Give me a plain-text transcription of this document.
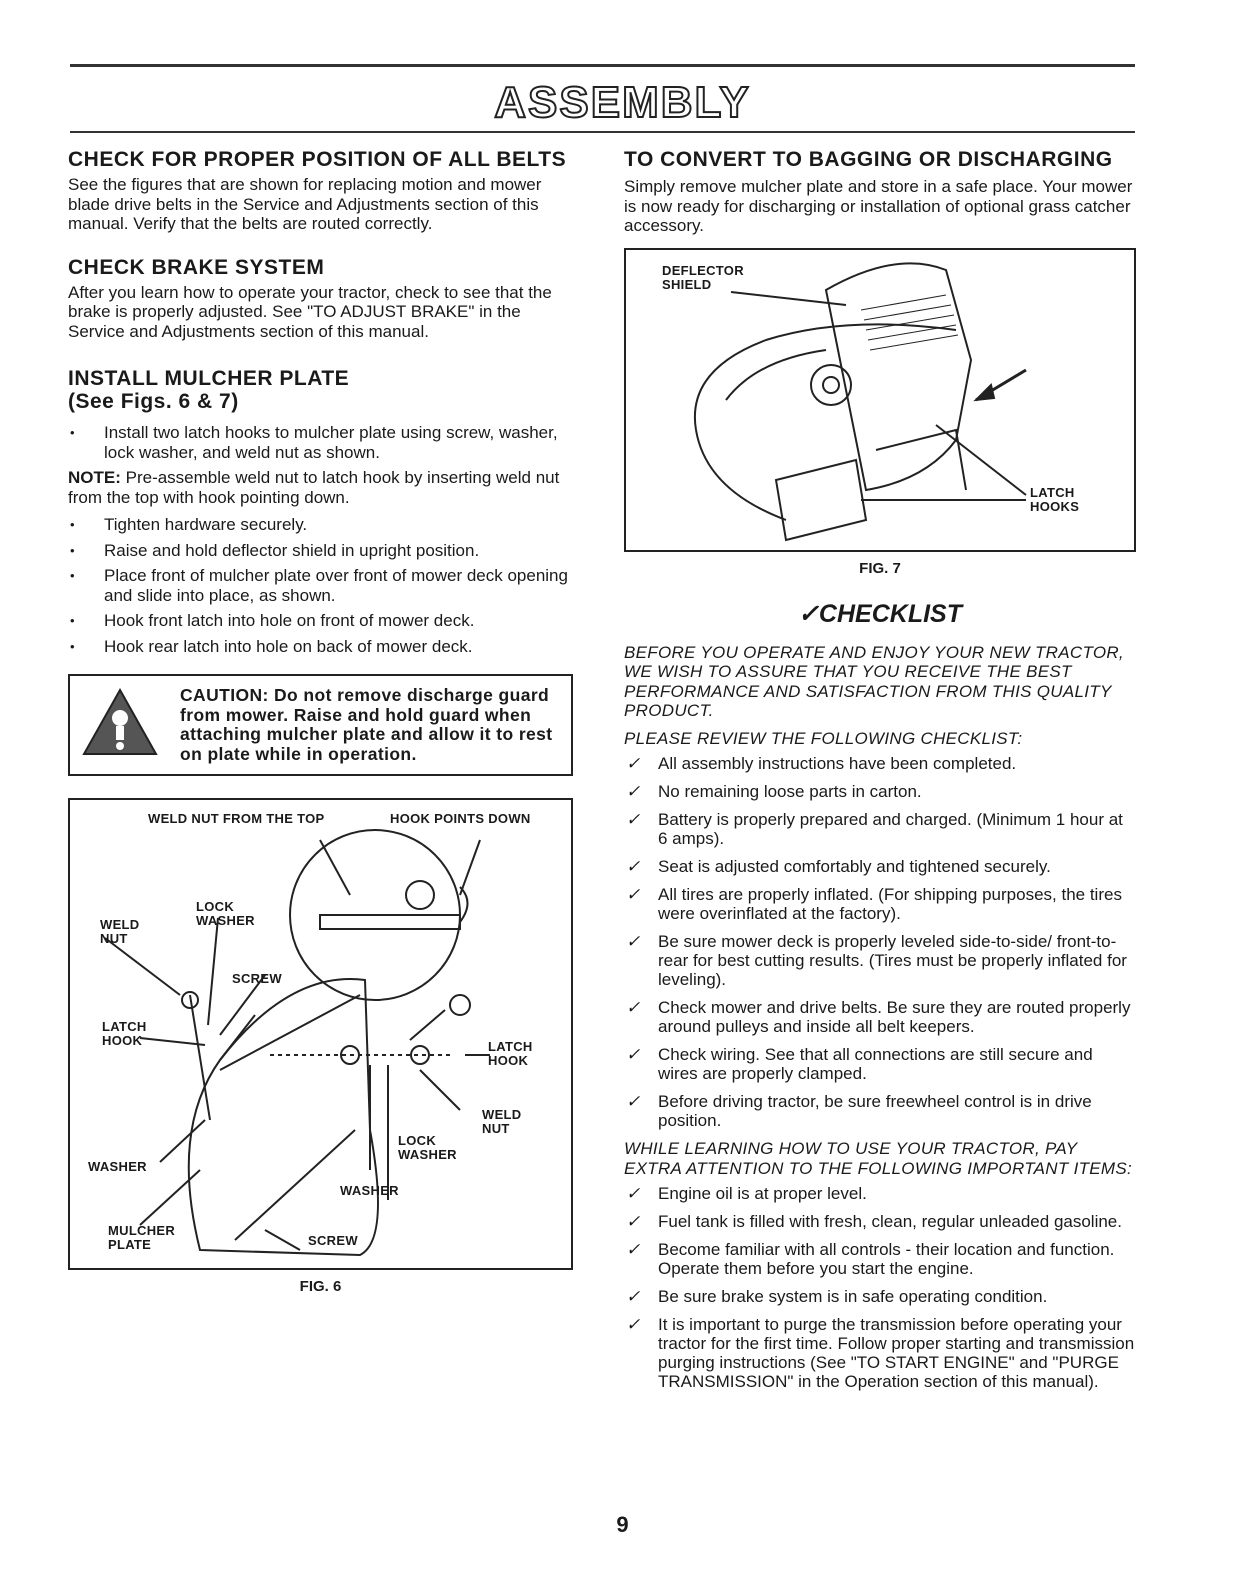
ASSEMBLY
CHECK FOR PROPER POSITION OF ALL BELTS

See the figures that are shown for replacing motion and mower blade drive belts in the Service and Adjustments section of this manual. Verify that the belts are routed correctly.

CHECK BRAKE SYSTEM

After you learn how to operate your tractor, check to see that the brake is properly adjusted. See "TO ADJUST BRAKE" in the Service and Adjustments section of this manual.

INSTALL MULCHER PLATE
(See Figs. 6 & 7)
• Install two latch hooks to mulcher plate using screw, washer, lock washer, and weld nut as shown.
NOTE: Pre-assemble weld nut to latch hook by inserting weld nut from the top with hook pointing down.
• Tighten hardware securely.
• Raise and hold deflector shield in upright position.
• Place front of mulcher plate over front of mower deck opening and slide into place, as shown.
• Hook front latch into hole on front of mower deck.
• Hook rear latch into hole on back of mower deck.
CAUTION: Do not remove discharge guard from mower. Raise and hold guard when attaching mulcher plate and allow it to rest on plate while in operation.
WELD NUT FROM THE TOP	HOOK POINTS DOWN
LOCK WASHER
WELD NUT
SCREW
LATCH HOOK	LATCH HOOK
WELD NUT
LOCK WASHER
WASHER
WASHER
MULCHER PLATE	SCREW
FIG. 6
TO CONVERT TO BAGGING OR DISCHARGING

Simply remove mulcher plate and store in a safe place. Your mower is now ready for discharging or installation of optional grass catcher accessory.

DEFLECTOR SHIELD
LATCH HOOKS
FIG. 7
✓CHECKLIST
BEFORE YOU OPERATE AND ENJOY YOUR NEW TRACTOR, WE WISH TO ASSURE THAT YOU RECEIVE THE BEST PERFORMANCE AND SATISFACTION FROM THIS QUALITY PRODUCT.
PLEASE REVIEW THE FOLLOWING CHECKLIST:
✓ All assembly instructions have been completed.
✓ No remaining loose parts in carton.
✓ Battery is properly prepared and charged. (Minimum 1 hour at 6 amps).
✓ Seat is adjusted comfortably and tightened securely.
✓ All tires are properly inflated. (For shipping purposes, the tires were overinflated at the factory).
✓ Be sure mower deck is properly leveled side-to-side/ front-to-rear for best cutting results. (Tires must be properly inflated for leveling).
✓ Check mower and drive belts. Be sure they are routed properly around pulleys and inside all belt keepers.
✓ Check wiring. See that all connections are still secure and wires are properly clamped.
✓ Before driving tractor, be sure freewheel control is in drive position.
WHILE LEARNING HOW TO USE YOUR TRACTOR, PAY EXTRA ATTENTION TO THE FOLLOWING IMPORTANT ITEMS:
✓ Engine oil is at proper level.
✓ Fuel tank is filled with fresh, clean, regular unleaded gasoline.
✓ Become familiar with all controls - their location and function. Operate them before you start the engine.
✓ Be sure brake system is in safe operating condition.
✓ It is important to purge the transmission before operating your tractor for the first time. Follow proper starting and transmission purging instructions (See "TO START ENGINE" and "PURGE TRANSMISSION" in the Operation section of this manual).
9
